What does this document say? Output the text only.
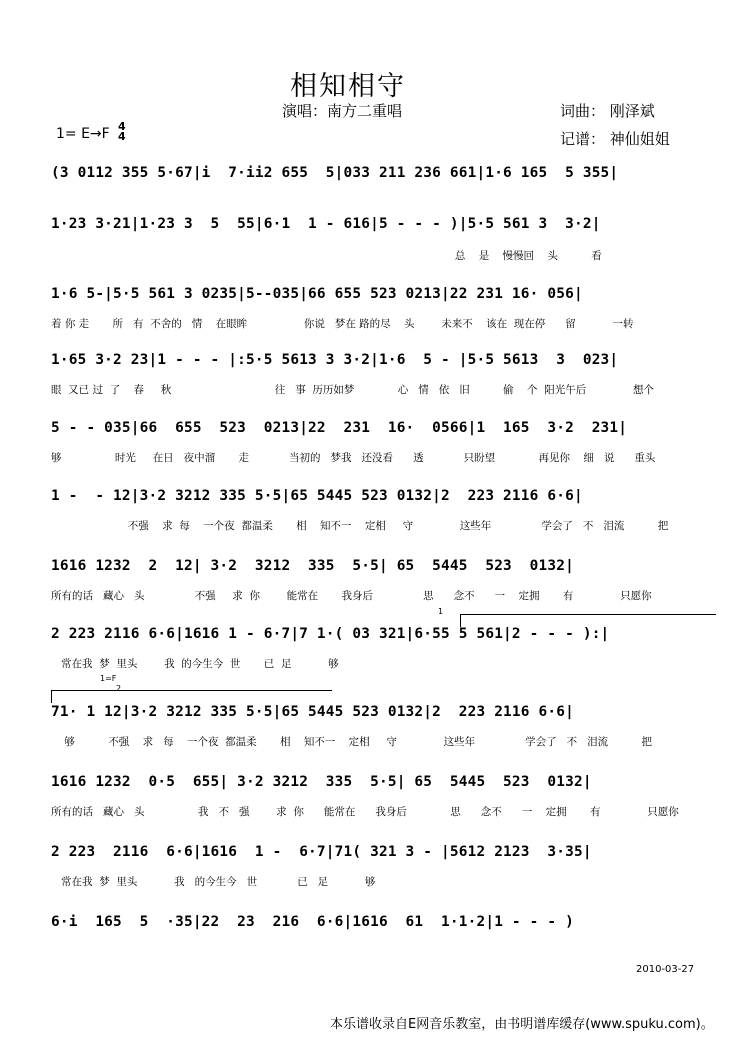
相知相守
演唱：南方二重唱	词曲： 刚泽斌
记谱： 神仙姐姐
1= E→F 4
4
(3 0112 355 5·67|i  7·ii2 655  5|033 211 236 661|1·6 165  5 355|
1·23 3·21|1·23 3  5  55|6·1  1 - 616|5 - - - )|5·5 561 3  3·2|
总    是    慢慢回    头          看
1·6 5-|5·5 561 3 0235|5--035|66 655 523 0213|22 231 16· 056|
着 你 走       所   有  不舍的   情    在眼眸                 你说   梦在 路的尽    头        未来不    该在  现在停      留           一转
1·65 3·2 23|1 - - - |:5·5 5613 3 3·2|1·6  5 - |5·5 5613  3  023|
眼  又已 过  了    春     秋                               往   事  历历如梦             心   情   依   旧          偷    个  阳光午后              想个
5 - - 035|66  655  523  0213|22  231  16·  0566|1  165  3·2  231|
够                时光     在日   夜中溜       走            当初的   梦我   还没看      透            只盼望             再见你    细   说      重头
1 -  - 12|3·2 3212 335 5·5|65 5445 523 0132|2  223 2116 6·6|
不强    求  每    一个夜  都温柔       相    知不一    定相     守              这些年               学会了   不   泪流          把
1616 1232  2  12| 3·2  3212  335  5·5| 65  5445  523  0132|
所有的话   藏心   头               不强     求  你        能常在       我身后               思      念不      一    定拥       有              只愿你
1
2 223 2116 6·6|1616 1 - 6·7|7 1·( 03 321|6·55 5 561|2 - - - ):|
常在我  梦  里头        我  的今生今  世       已  足           够
2
1=F
71· 1 12|3·2 3212 335 5·5|65 5445 523 0132|2  223 2116 6·6|
够          不强    求   每    一个夜  都温柔       相    知不一    定相     守              这些年               学会了   不   泪流          把
1616 1232  0·5  655| 3·2 3212  335  5·5| 65  5445  523  0132|
所有的话   藏心   头                我   不   强        求  你      能常在      我身后             思      念不      一    定拥       有              只愿你
2 223  2116  6·6|1616  1 -  6·7|71( 321 3 - |5612 2123  3·35|
常在我  梦  里头           我   的今生今   世            已   足           够
6·i  165  5  ·35|22  23  216  6·6|1616  61  1·1·2|1 - - - )
2010-03-27
本乐谱收录自E网音乐教室，由书明谱库缓存(www.spuku.com)。
